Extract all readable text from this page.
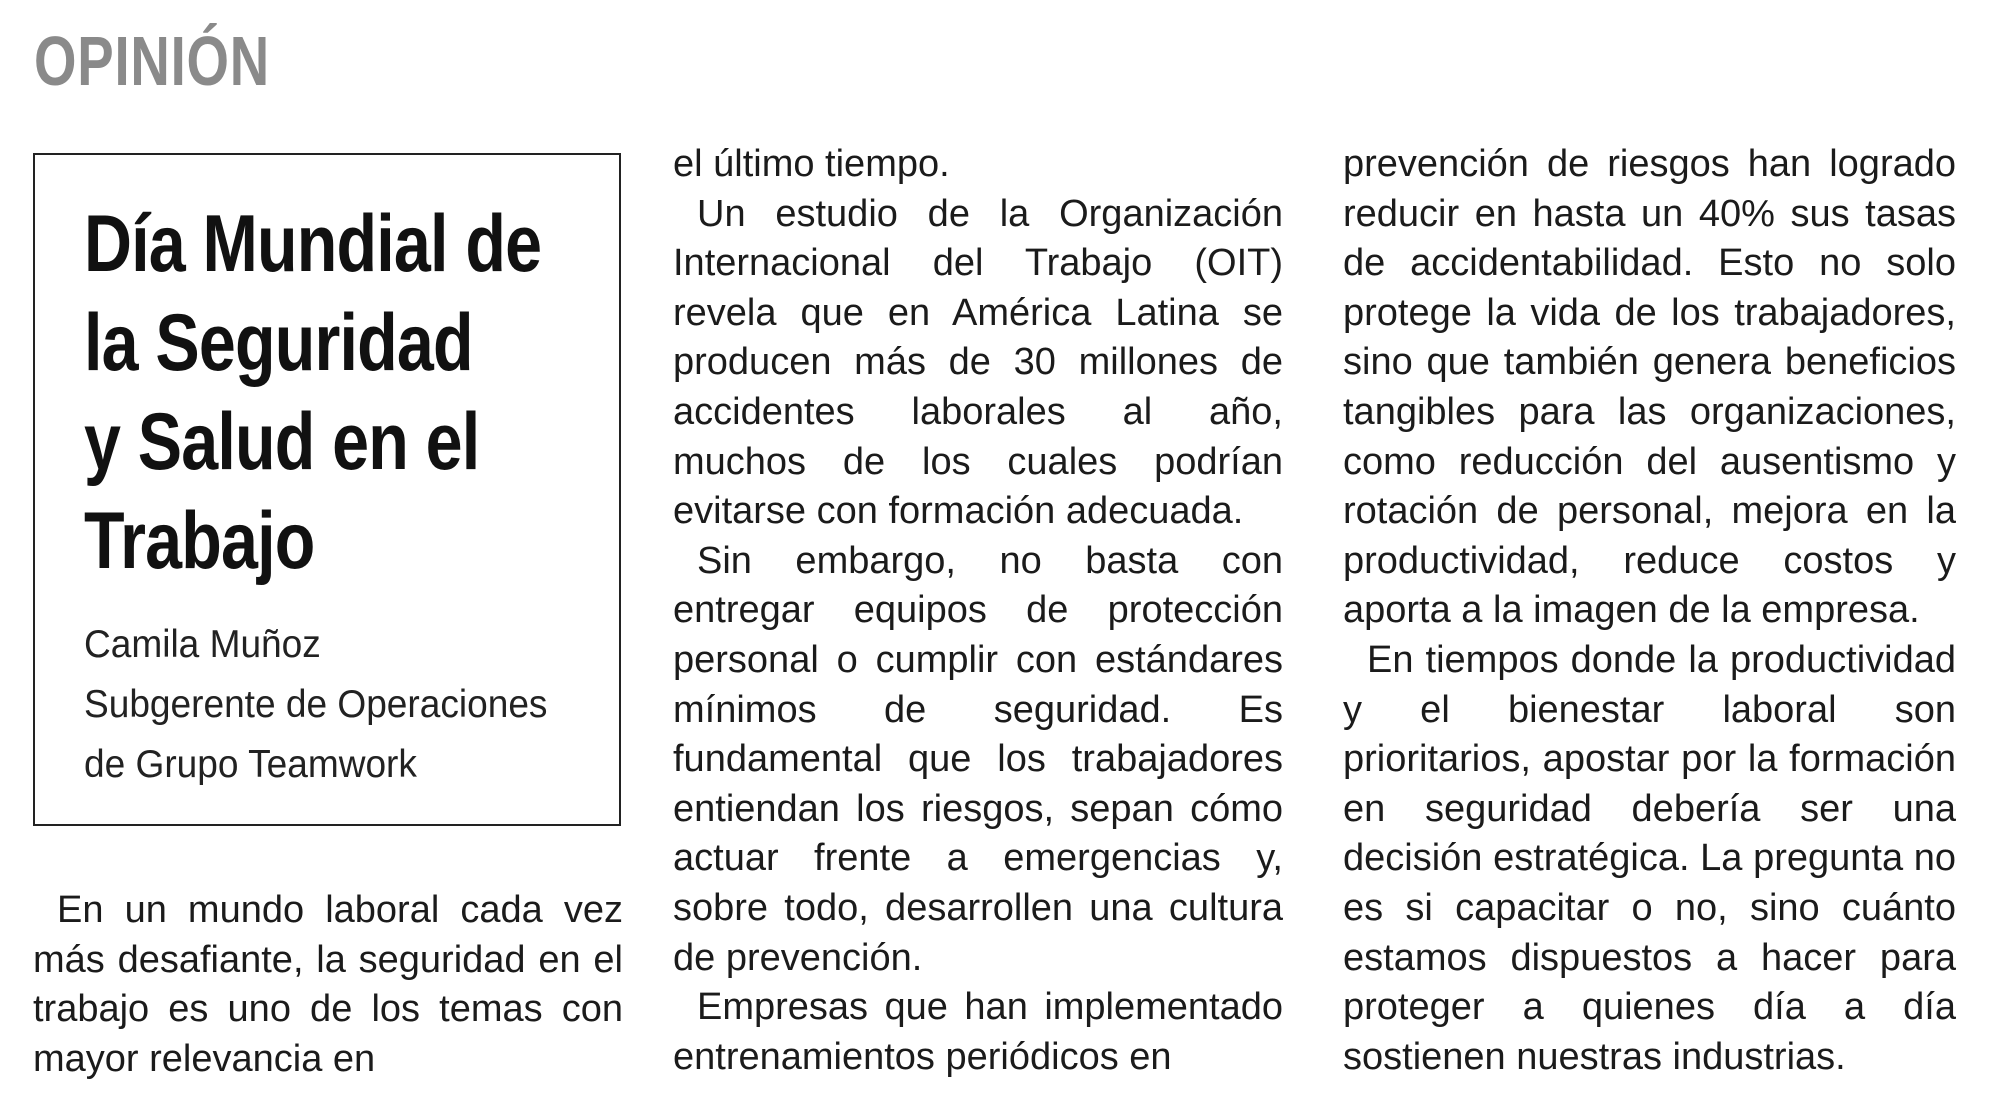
OPINIÓN
Día Mundial de
la Seguridad
y Salud en el
Trabajo
Camila Muñoz
Subgerente de Operaciones
de Grupo Teamwork

En un mundo laboral cada vez más desafiante, la seguridad en el trabajo es uno de los temas con mayor relevancia en

el último tiempo.

Un estudio de la Organización Internacional del Trabajo (OIT) revela que en América Latina se producen más de 30 millones de accidentes laborales al año, muchos de los cuales podrían evitarse con formación adecuada.

Sin embargo, no basta con entregar equipos de protección personal o cumplir con estándares mínimos de seguridad. Es fundamental que los trabajadores entiendan los riesgos, sepan cómo actuar frente a emergencias y, sobre todo, desarrollen una cultura de prevención.

Empresas que han implementado entrenamientos periódicos en

prevención de riesgos han logrado reducir en hasta un 40% sus tasas de accidentabilidad. Esto no solo protege la vida de los trabajadores, sino que también genera beneficios tangibles para las organizaciones, como reducción del ausentismo y rotación de personal, mejora en la productividad, reduce costos y aporta a la imagen de la empresa.

En tiempos donde la productividad y el bienestar laboral son prioritarios, apostar por la formación en seguridad debería ser una decisión estratégica. La pregunta no es si capacitar o no, sino cuánto estamos dispuestos a hacer para proteger a quienes día a día sostienen nuestras industrias.
